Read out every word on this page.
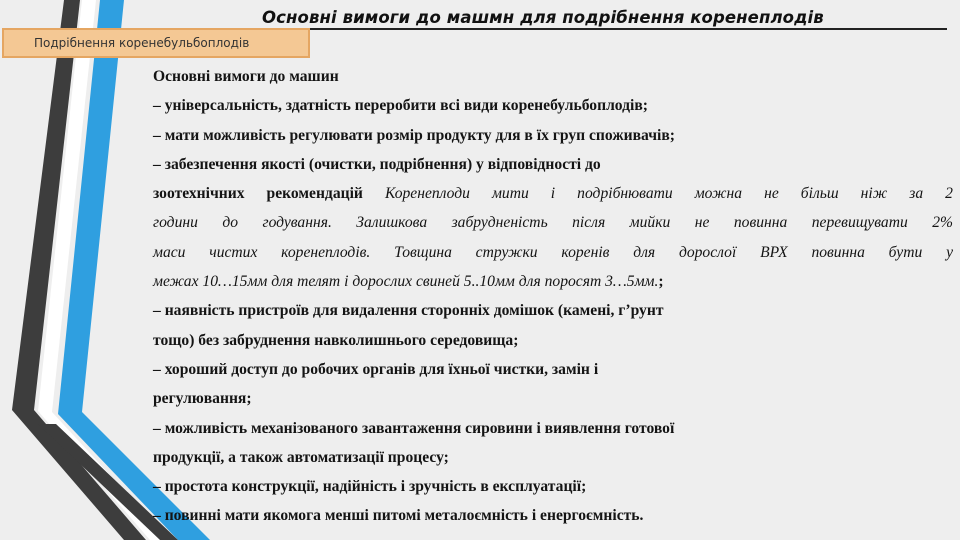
Основні вимоги до машмн для подрібнення коренеплодів
Подрібнення коренебульбоплодів
Основні вимоги до машин
– універсальність, здатність переробити всі види коренебульбоплодів;
– мати можливість регулювати розмір продукту для в їх груп споживачів;
– забезпечення якості (очистки, подрібнення) у відповідності до
зоотехнічних рекомендацій Коренеплоди мити і подрібнювати можна не більш ніж за 2
години до годування. Залишкова забрудненість після мийки не повинна перевищувати 2%
маси чистих коренеплодів. Товщина стружки коренів для дорослої ВРХ повинна бути у
межах 10…15мм для телят і дорослих свиней 5..10мм для поросят 3…5мм.;
– наявність пристроїв для видалення сторонніх домішок (камені, г’рунт
тощо) без забруднення навколишнього середовища;
– хороший доступ до робочих органів для їхньої чистки, замін і
регулювання;
– можливість механізованого завантаження сировини і виявлення готової
продукції, а також автоматизації процесу;
– простота конструкції, надійність і зручність в експлуатації;
– повинні мати якомога менші питомі металоємність і енергоємність.
